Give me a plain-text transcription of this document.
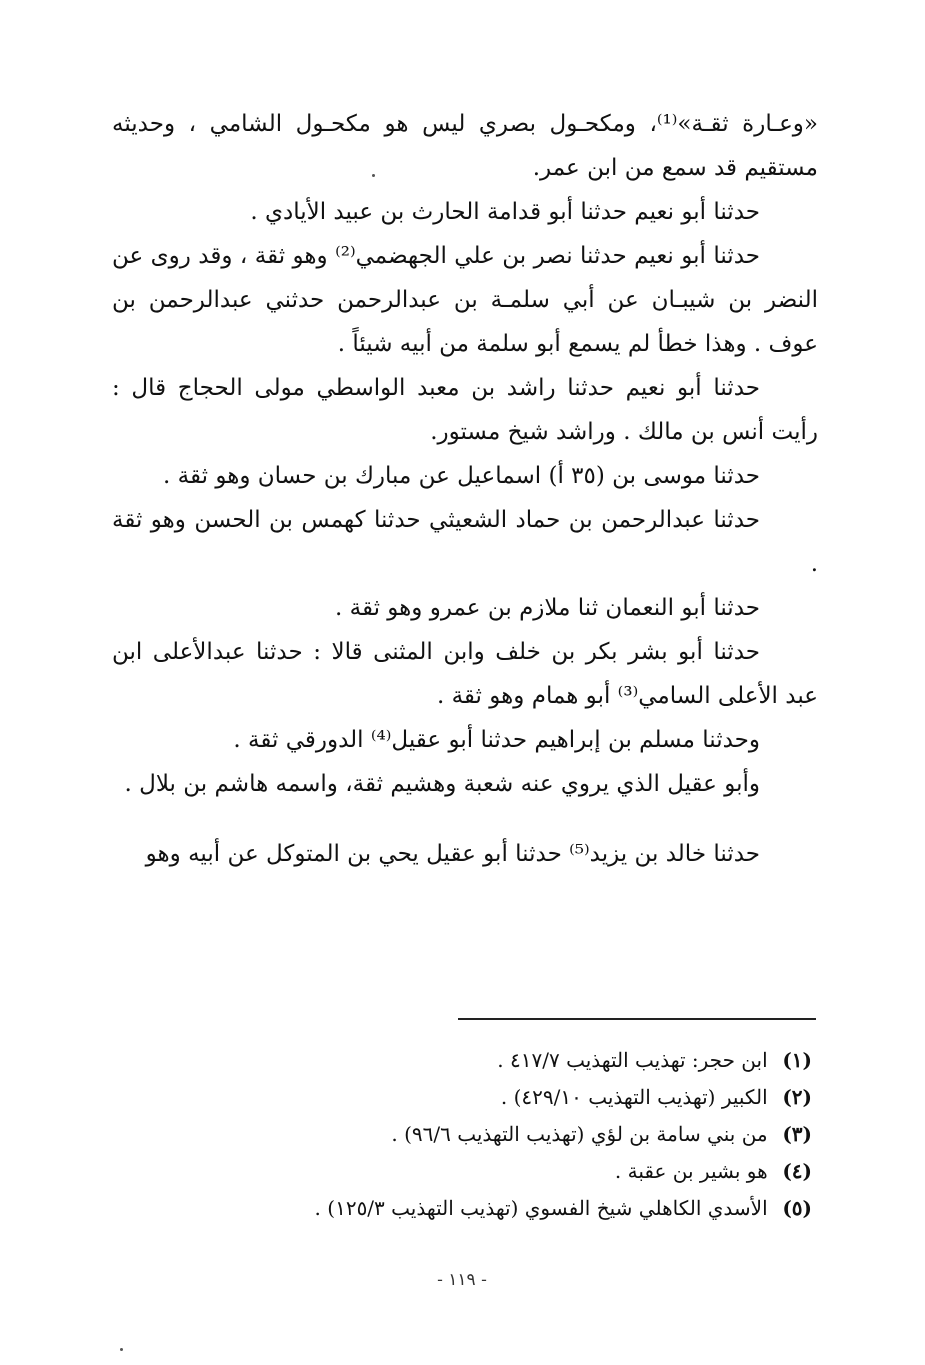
«وعـارة ثقـة»⁽¹⁾، ومكحـول بصري ليس هو مكحـول الشامي ، وحديثه مستقيم قد سمع من ابن عمر.

حدثنا أبو نعيم حدثنا أبو قدامة الحارث بن عبيد الأيادي .

حدثنا أبو نعيم حدثنا نصر بن علي الجهضمي⁽²⁾ وهو ثقة ، وقد روى عن النضر بن شيبـان عن أبي سلمـة بن عبدالرحمن حدثني عبدالرحمن بن عوف . وهذا خطأ لم يسمع أبو سلمة من أبيه شيئاً .

حدثنا أبو نعيم حدثنا راشد بن معبد الواسطي مولى الحجاج قال : رأيت أنس بن مالك . وراشد شيخ مستور.

حدثنا موسى بن (٣٥ أ) اسماعيل عن مبارك بن حسان وهو ثقة .

حدثنا عبدالرحمن بن حماد الشعيثي حدثنا كهمس بن الحسن وهو ثقة .

حدثنا أبو النعمان ثنا ملازم بن عمرو وهو ثقة .

حدثنا أبو بشر بكر بن خلف وابن المثنى قالا : حدثنا عبدالأعلى ابن عبد الأعلى السامي⁽³⁾ أبو همام وهو ثقة .

وحدثنا مسلم بن إبراهيم حدثنا أبو عقيل⁽⁴⁾ الدورقي ثقة .

وأبو عقيل الذي يروي عنه شعبة وهشيم ثقة، واسمه هاشم بن بلال .

حدثنا خالد بن يزيد⁽⁵⁾ حدثنا أبو عقيل يحي بن المتوكل عن أبيه وهو

(١) ابن حجر: تهذيب التهذيب ٤١٧/٧ .

(٢) الكبير (تهذيب التهذيب ٤٢٩/١٠) .

(٣) من بني سامة بن لؤي (تهذيب التهذيب ٩٦/٦) .

(٤) هو بشير بن عقبة .

(٥) الأسدي الكاهلي شيخ الفسوي (تهذيب التهذيب ١٢٥/٣) .

- ١١٩ -
